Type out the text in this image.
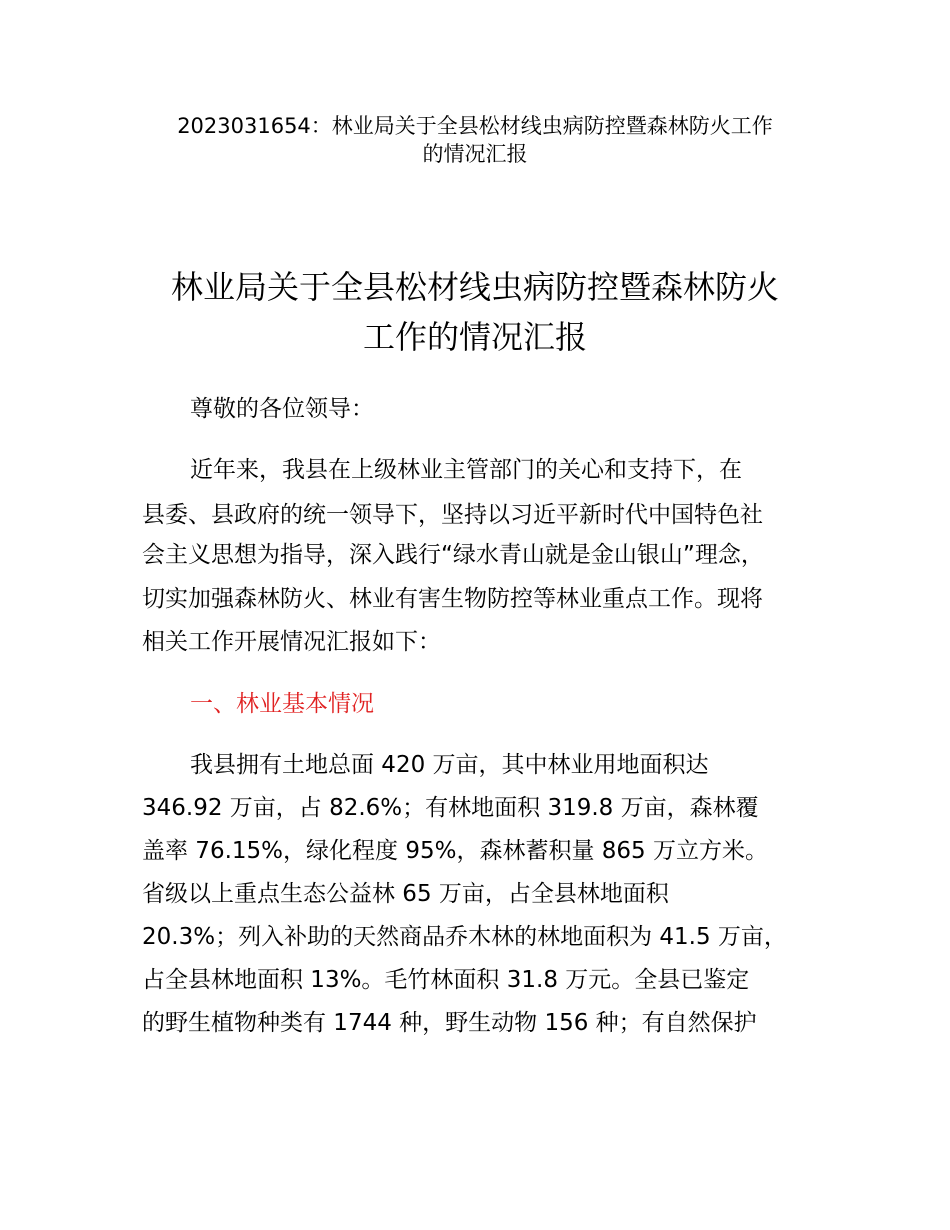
2023031654：林业局关于全县松材线虫病防控暨森林防火工作
的情况汇报
林业局关于全县松材线虫病防控暨森林防火
工作的情况汇报
尊敬的各位领导：
近年来，我县在上级林业主管部门的关心和支持下，在
县委、县政府的统一领导下，坚持以习近平新时代中国特色社
会主义思想为指导，深入践行“绿水青山就是金山银山”理念，
切实加强森林防火、林业有害生物防控等林业重点工作。现将
相关工作开展情况汇报如下：
一、林业基本情况
我县拥有土地总面 420 万亩，其中林业用地面积达
346.92 万亩，占 82.6%；有林地面积 319.8 万亩，森林覆
盖率 76.15%，绿化程度 95%，森林蓄积量 865 万立方米。
省级以上重点生态公益林 65 万亩，占全县林地面积
20.3%；列入补助的天然商品乔木林的林地面积为 41.5 万亩，
占全县林地面积 13%。毛竹林面积 31.8 万元。全县已鉴定
的野生植物种类有 1744 种，野生动物 156 种；有自然保护
